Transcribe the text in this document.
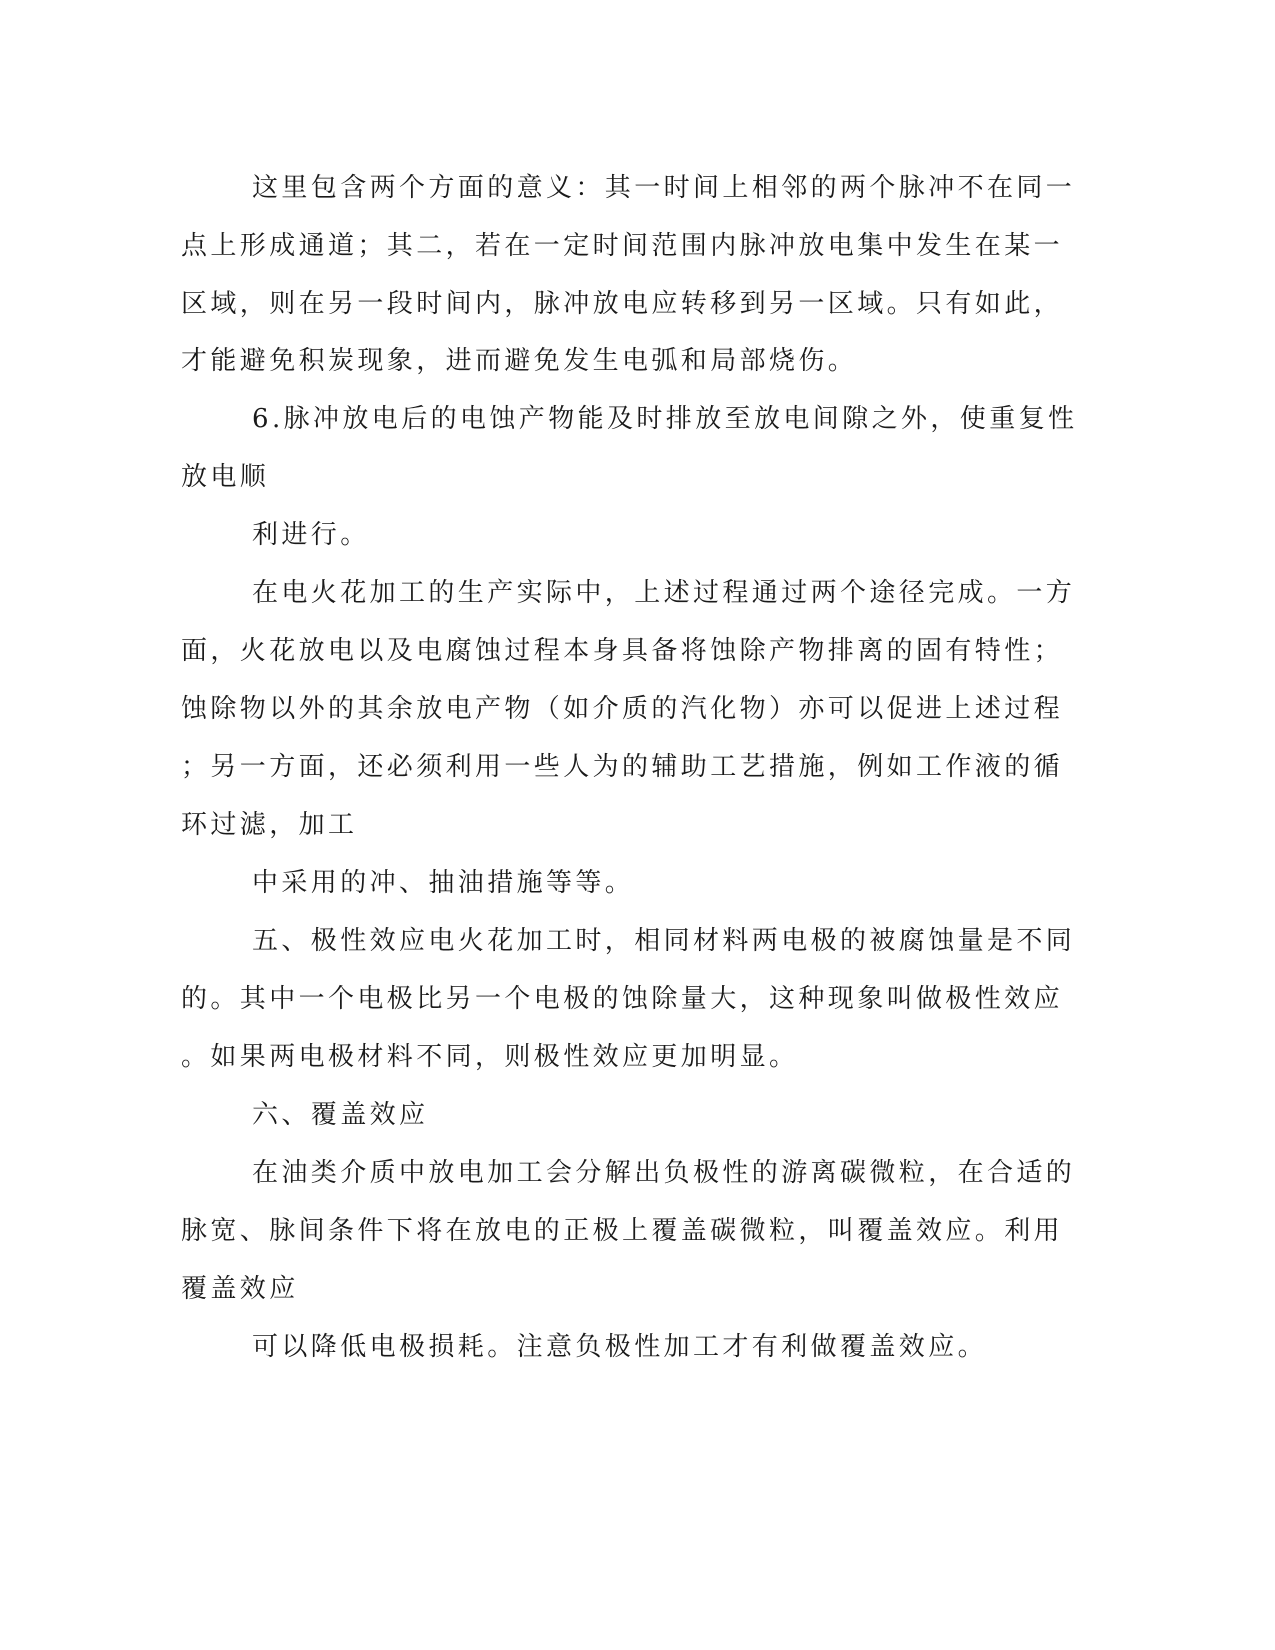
这里包含两个方面的意义：其一时间上相邻的两个脉冲不在同一
点上形成通道；其二，若在一定时间范围内脉冲放电集中发生在某一
区域，则在另一段时间内，脉冲放电应转移到另一区域。只有如此，
才能避免积炭现象，进而避免发生电弧和局部烧伤。
6.脉冲放电后的电蚀产物能及时排放至放电间隙之外，使重复性
放电顺
利进行。
在电火花加工的生产实际中，上述过程通过两个途径完成。一方
面，火花放电以及电腐蚀过程本身具备将蚀除产物排离的固有特性；
蚀除物以外的其余放电产物（如介质的汽化物）亦可以促进上述过程
；另一方面，还必须利用一些人为的辅助工艺措施，例如工作液的循
环过滤，加工
中采用的冲、抽油措施等等。
五、极性效应电火花加工时，相同材料两电极的被腐蚀量是不同
的。其中一个电极比另一个电极的蚀除量大，这种现象叫做极性效应
。如果两电极材料不同，则极性效应更加明显。
六、覆盖效应
在油类介质中放电加工会分解出负极性的游离碳微粒，在合适的
脉宽、脉间条件下将在放电的正极上覆盖碳微粒，叫覆盖效应。利用
覆盖效应
可以降低电极损耗。注意负极性加工才有利做覆盖效应。
